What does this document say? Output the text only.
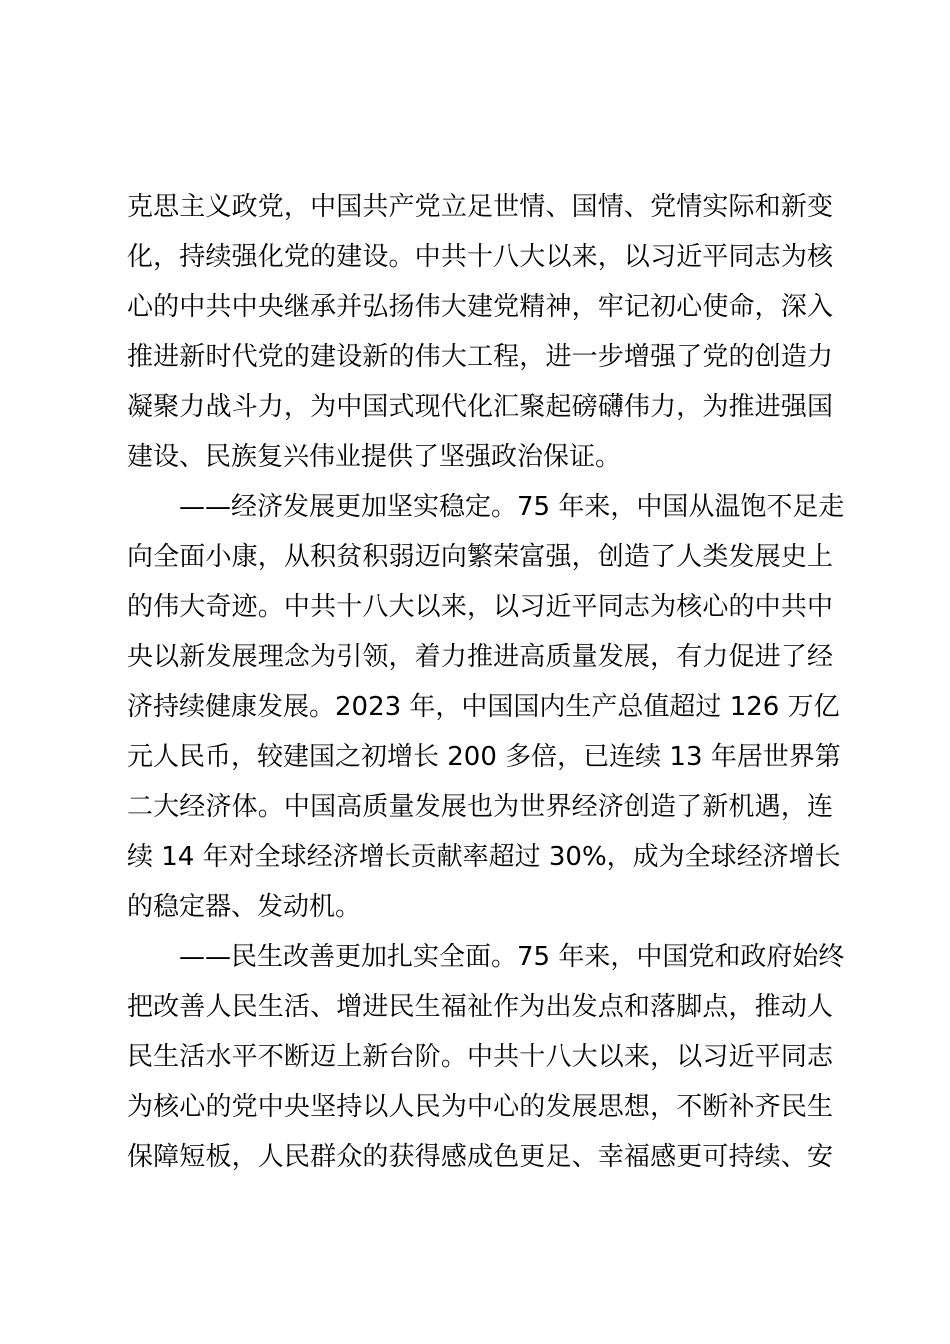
克思主义政党，中国共产党立足世情、国情、党情实际和新变
化，持续强化党的建设。中共十八大以来，以习近平同志为核
心的中共中央继承并弘扬伟大建党精神，牢记初心使命，深入
推进新时代党的建设新的伟大工程，进一步增强了党的创造力
凝聚力战斗力，为中国式现代化汇聚起磅礴伟力，为推进强国
建设、民族复兴伟业提供了坚强政治保证。
——经济发展更加坚实稳定。75 年来，中国从温饱不足走
向全面小康，从积贫积弱迈向繁荣富强，创造了人类发展史上
的伟大奇迹。中共十八大以来，以习近平同志为核心的中共中
央以新发展理念为引领，着力推进高质量发展，有力促进了经
济持续健康发展。2023 年，中国国内生产总值超过 126 万亿
元人民币，较建国之初增长 200 多倍，已连续 13 年居世界第
二大经济体。中国高质量发展也为世界经济创造了新机遇，连
续 14 年对全球经济增长贡献率超过 30%，成为全球经济增长
的稳定器、发动机。
——民生改善更加扎实全面。75 年来，中国党和政府始终
把改善人民生活、增进民生福祉作为出发点和落脚点，推动人
民生活水平不断迈上新台阶。中共十八大以来，以习近平同志
为核心的党中央坚持以人民为中心的发展思想，不断补齐民生
保障短板，人民群众的获得感成色更足、幸福感更可持续、安
